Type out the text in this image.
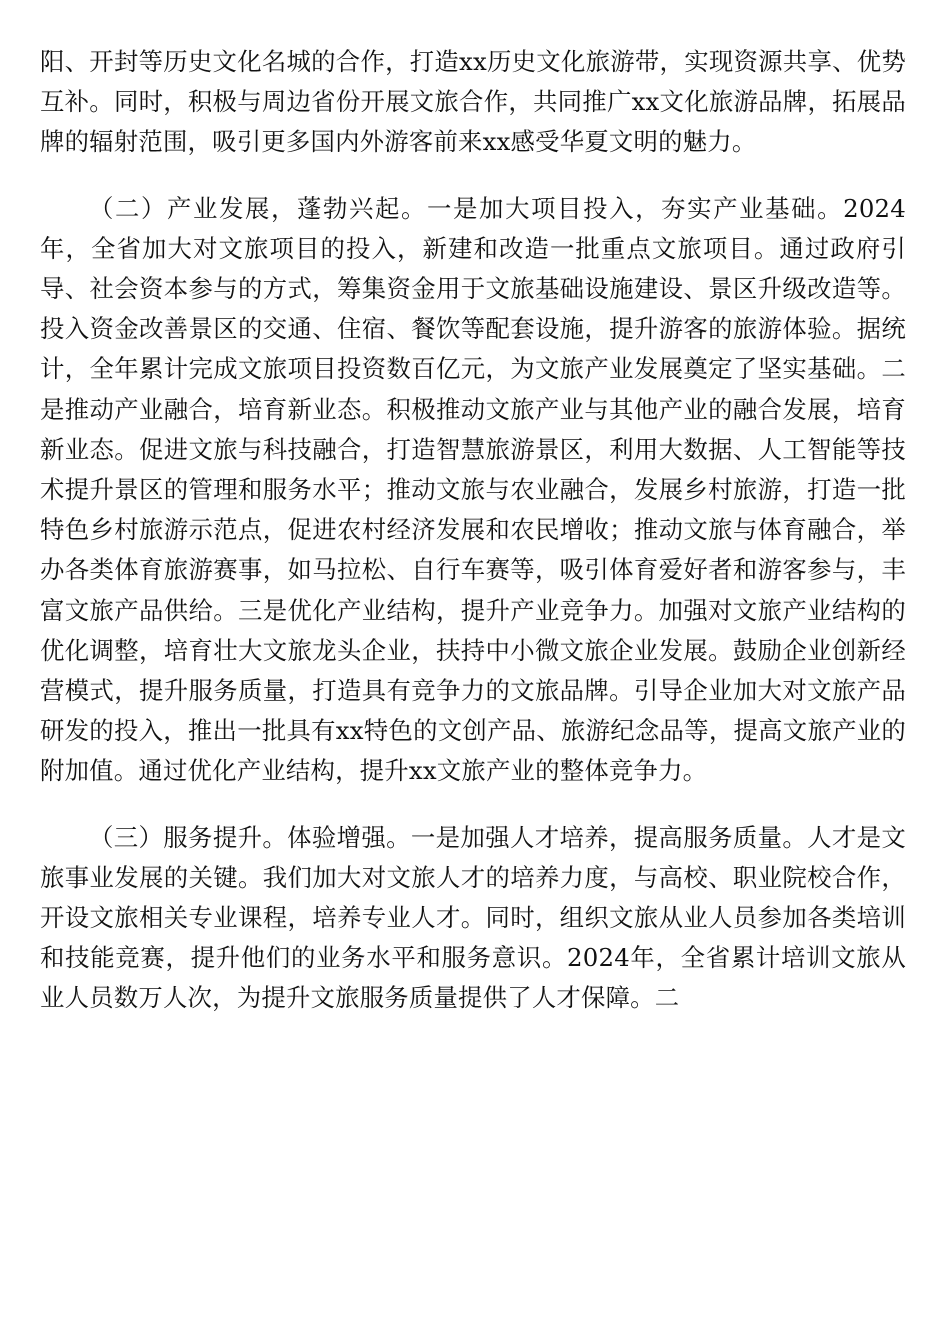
阳、开封等历史文化名城的合作，打造xx历史文化旅游带，实现资源共享、优势互补。同时，积极与周边省份开展文旅合作，共同推广xx文化旅游品牌，拓展品牌的辐射范围，吸引更多国内外游客前来xx感受华夏文明的魅力。

（二）产业发展，蓬勃兴起。一是加大项目投入，夯实产业基础。2024年，全省加大对文旅项目的投入，新建和改造一批重点文旅项目。通过政府引导、社会资本参与的方式，筹集资金用于文旅基础设施建设、景区升级改造等。投入资金改善景区的交通、住宿、餐饮等配套设施，提升游客的旅游体验。据统计，全年累计完成文旅项目投资数百亿元，为文旅产业发展奠定了坚实基础。二是推动产业融合，培育新业态。积极推动文旅产业与其他产业的融合发展，培育新业态。促进文旅与科技融合，打造智慧旅游景区，利用大数据、人工智能等技术提升景区的管理和服务水平；推动文旅与农业融合，发展乡村旅游，打造一批特色乡村旅游示范点，促进农村经济发展和农民增收；推动文旅与体育融合，举办各类体育旅游赛事，如马拉松、自行车赛等，吸引体育爱好者和游客参与，丰富文旅产品供给。三是优化产业结构，提升产业竞争力。加强对文旅产业结构的优化调整，培育壮大文旅龙头企业，扶持中小微文旅企业发展。鼓励企业创新经营模式，提升服务质量，打造具有竞争力的文旅品牌。引导企业加大对文旅产品研发的投入，推出一批具有xx特色的文创产品、旅游纪念品等，提高文旅产业的附加值。通过优化产业结构，提升xx文旅产业的整体竞争力。

（三）服务提升。体验增强。一是加强人才培养，提高服务质量。人才是文旅事业发展的关键。我们加大对文旅人才的培养力度，与高校、职业院校合作，开设文旅相关专业课程，培养专业人才。同时，组织文旅从业人员参加各类培训和技能竞赛，提升他们的业务水平和服务意识。2024年，全省累计培训文旅从业人员数万人次，为提升文旅服务质量提供了人才保障。二
